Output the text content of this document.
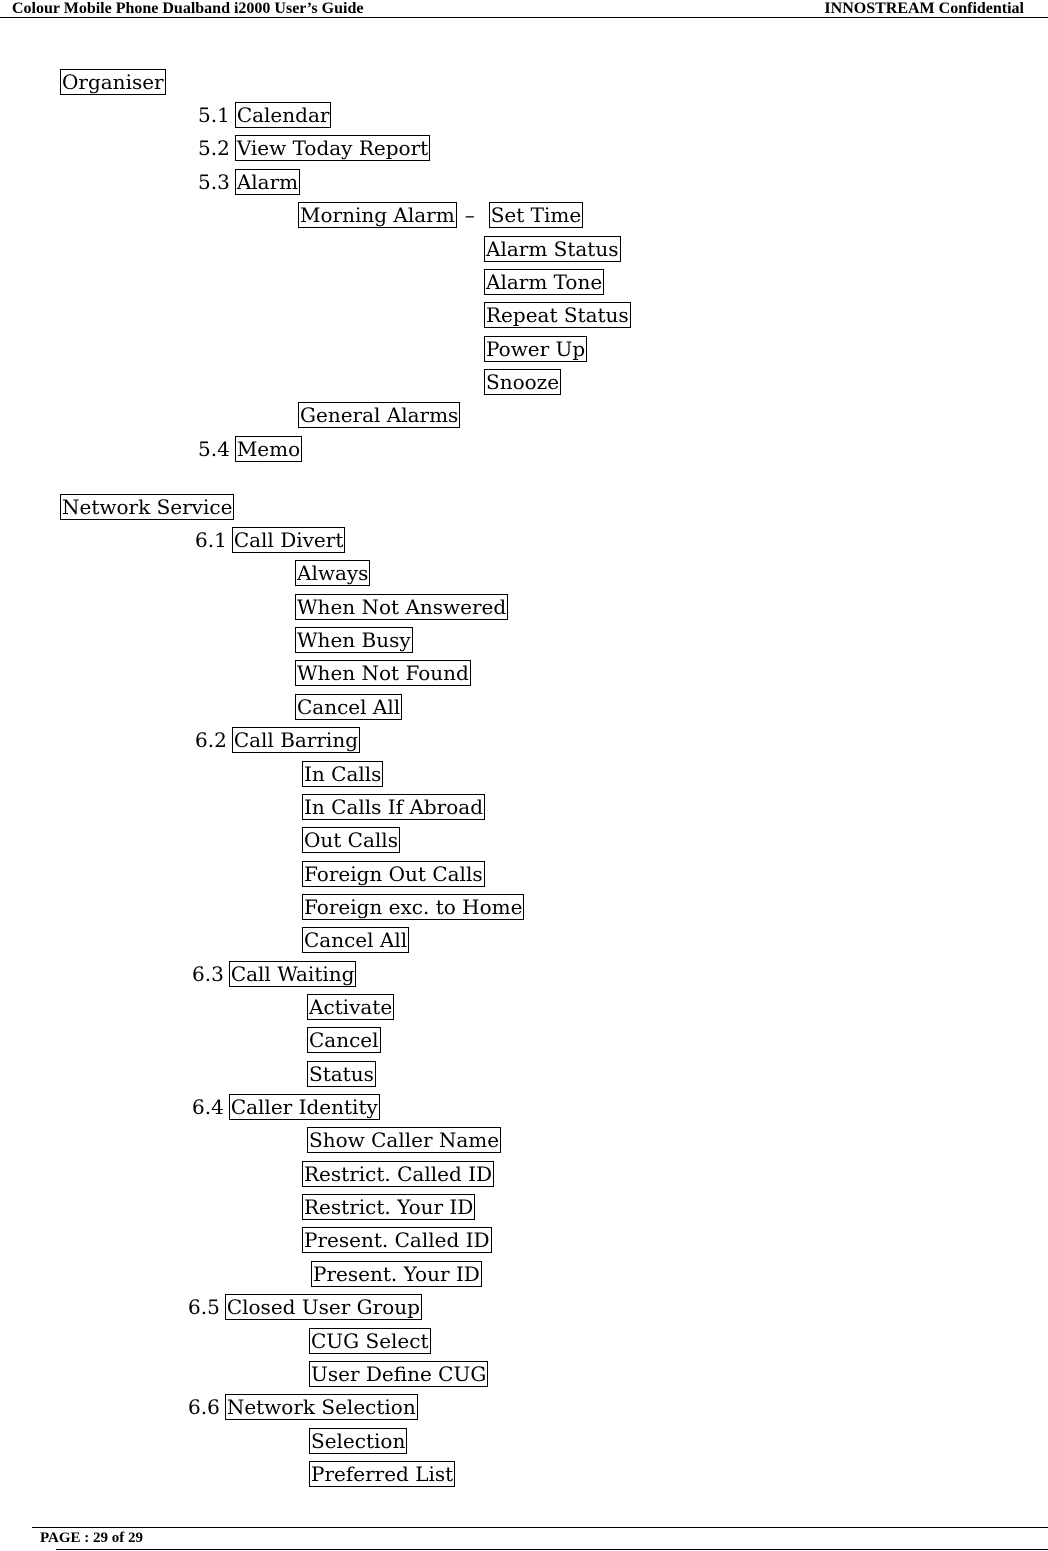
Colour Mobile Phone Dualband i2000 User’s Guide	INNOSTREAM Confidential
Organiser
5.1 Calendar
5.2 View Today Report
5.3 Alarm
Morning Alarm – Set Time
Alarm Status
Alarm Tone
Repeat Status
Power Up
Snooze
General Alarms
5.4 Memo
Network Service
6.1 Call Divert
Always
When Not Answered
When Busy
When Not Found
Cancel All
6.2 Call Barring
In Calls
In Calls If Abroad
Out Calls
Foreign Out Calls
Foreign exc. to Home
Cancel All
6.3 Call Waiting
Activate
Cancel
Status
6.4 Caller Identity
Show Caller Name
Restrict. Called ID
Restrict. Your ID
Present. Called ID
Present. Your ID
6.5 Closed User Group
CUG Select
User Define CUG
6.6 Network Selection
Selection
Preferred List
PAGE : 29 of 29
